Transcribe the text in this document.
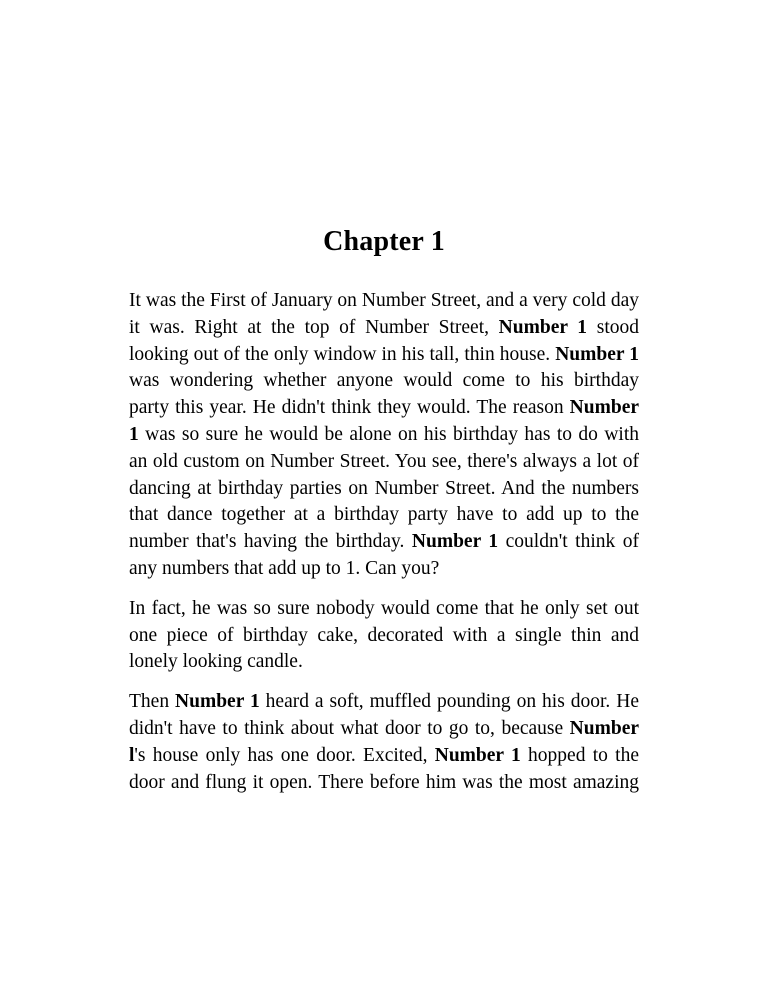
Chapter 1

It was the First of January on Number Street, and a very cold day it was. Right at the top of Number Street, Number 1 stood looking out of the only window in his tall, thin house. Number 1 was wondering whether anyone would come to his birthday party this year. He didn't think they would. The reason Number 1 was so sure he would be alone on his birthday has to do with an old custom on Number Street. You see, there's always a lot of dancing at birthday parties on Number Street. And the numbers that dance together at a birthday party have to add up to the number that's having the birthday. Number 1 couldn't think of any numbers that add up to 1. Can you?

In fact, he was so sure nobody would come that he only set out one piece of birthday cake, decorated with a single thin and lonely looking candle.

Then Number 1 heard a soft, muffled pounding on his door. He didn't have to think about what door to go to, because Number l's house only has one door. Excited, Number 1 hopped to the door and flung it open. There before him was the most amazing
